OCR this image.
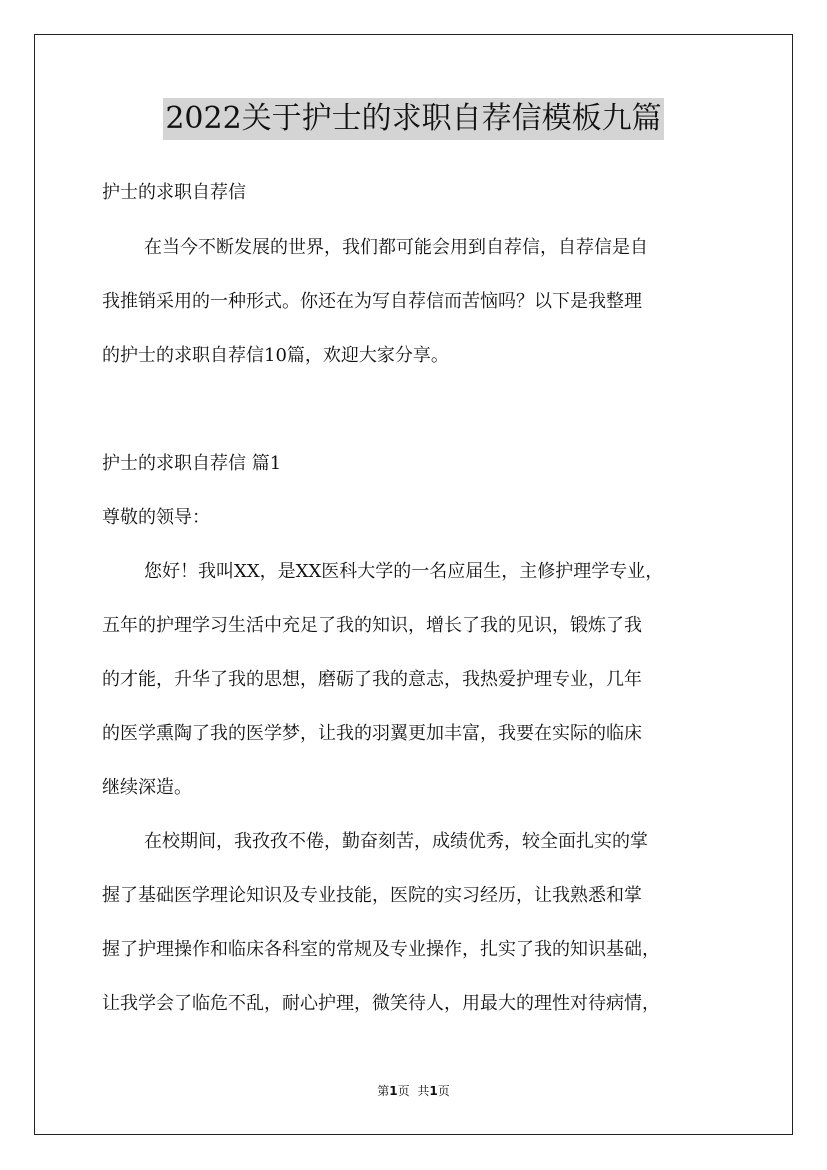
2022关于护士的求职自荐信模板九篇
护士的求职自荐信
在当今不断发展的世界，我们都可能会用到自荐信，自荐信是自
我推销采用的一种形式。你还在为写自荐信而苦恼吗？以下是我整理
的护士的求职自荐信10篇，欢迎大家分享。
护士的求职自荐信 篇1
尊敬的领导：
您好！我叫XX，是XX医科大学的一名应届生，主修护理学专业，
五年的护理学习生活中充足了我的知识，增长了我的见识，锻炼了我
的才能，升华了我的思想，磨砺了我的意志，我热爱护理专业，几年
的医学熏陶了我的医学梦，让我的羽翼更加丰富，我要在实际的临床
继续深造。
在校期间，我孜孜不倦，勤奋刻苦，成绩优秀，较全面扎实的掌
握了基础医学理论知识及专业技能，医院的实习经历，让我熟悉和掌
握了护理操作和临床各科室的常规及专业操作，扎实了我的知识基础，
让我学会了临危不乱，耐心护理，微笑待人，用最大的理性对待病情，
第1页 共1页
